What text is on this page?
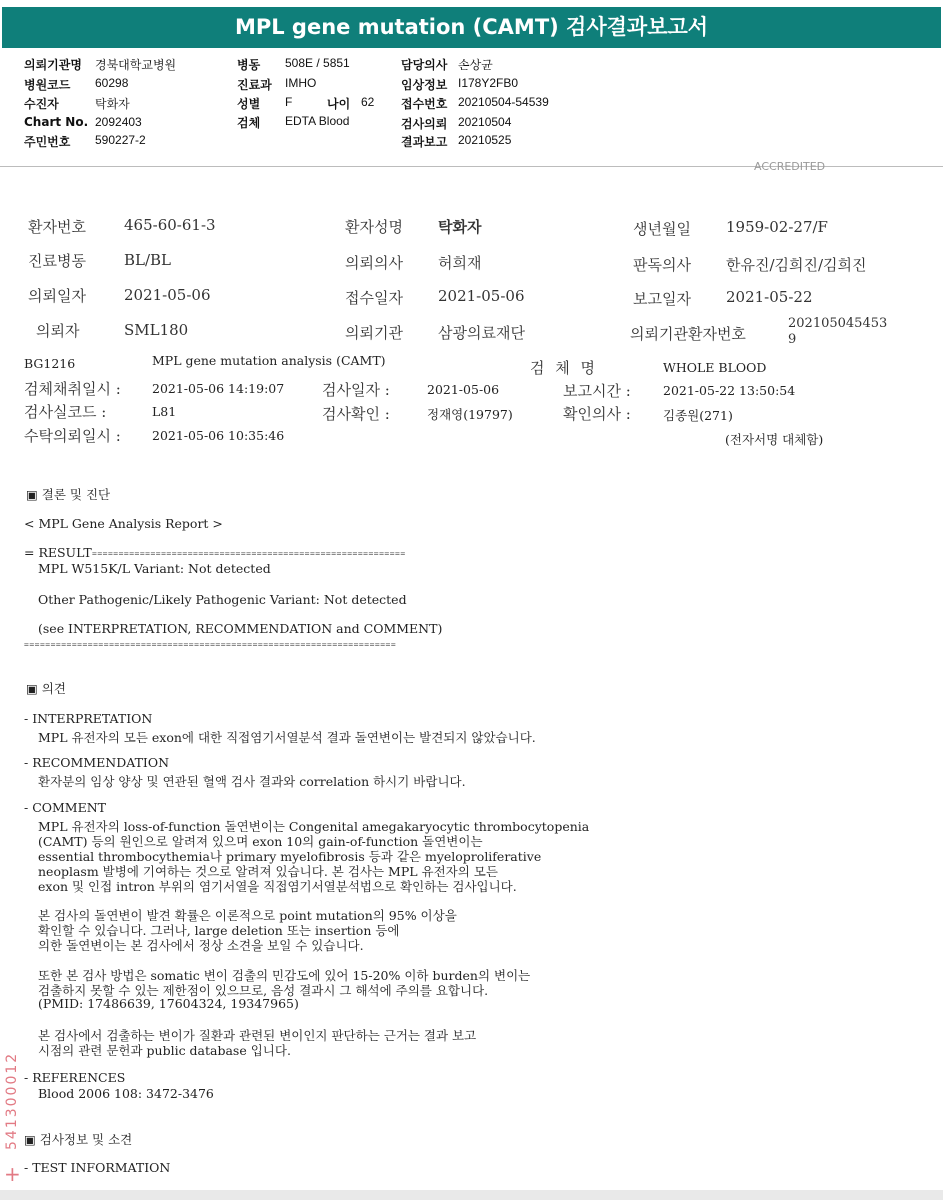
MPL gene mutation (CAMT) 검사결과보고서
의뢰기관명 경북대학교병원
병원코드 60298
수진자	탁화자
Chart No. 2092403
주민번호 590227-2
병동 508E / 5851
진료과 IMHO
성별 F	나이 62
검체 EDTA Blood
담당의사 손상균
임상정보 I178Y2FB0
접수번호 20210504-54539
검사의뢰 20210504
결과보고 20210525
ACCREDITED
환자번호	465-60-61-3	환자성명 탁화자	생년월일 1959-02-27/F
진료병동	BL/BL	의뢰의사 허희재	판독의사 한유진/김희진/김희진
의뢰일자	2021-05-06	접수일자 2021-05-06	보고일자 2021-05-22
의뢰자	SML180	의뢰기관 삼광의료재단	의뢰기관환자번호
202105045453
9
BG1216	MPL gene mutation analysis (CAMT)	검 체 명	WHOLE BLOOD
검체채취일시 : 2021-05-06 14:19:07	검사일자 :	2021-05-06	보고시간 :	2021-05-22 13:50:54
검사실코드 :	L81	검사확인 :	정재영(19797)	확인의사 :	김종원(271)
수탁의뢰일시 : 2021-05-06 10:35:46	(전자서명 대체함)
▣ 결론 및 진단
< MPL Gene Analysis Report >
= RESULT ===========================================================
MPL W515K/L Variant: Not detected
Other Pathogenic/Likely Pathogenic Variant: Not detected
(see INTERPRETATION, RECOMMENDATION and COMMENT)
======================================================================
▣ 의견
- INTERPRETATION
MPL 유전자의 모든 exon에 대한 직접염기서열분석 결과 돌연변이는 발견되지 않았습니다.
- RECOMMENDATION
환자분의 임상 양상 및 연관된 혈액 검사 결과와 correlation 하시기 바랍니다.
- COMMENT
MPL 유전자의 loss-of-function 돌연변이는 Congenital amegakaryocytic thrombocytopenia
(CAMT) 등의 원인으로 알려져 있으며 exon 10의 gain-of-function 돌연변이는
essential thrombocythemia나 primary myelofibrosis 등과 같은 myeloproliferative
neoplasm 발병에 기여하는 것으로 알려져 있습니다. 본 검사는 MPL 유전자의 모든
exon 및 인접 intron 부위의 염기서열을 직접염기서열분석법으로 확인하는 검사입니다.
본 검사의 돌연변이 발견 확률은 이론적으로 point mutation의 95% 이상을
확인할 수 있습니다. 그러나, large deletion 또는 insertion 등에
의한 돌연변이는 본 검사에서 정상 소견을 보일 수 있습니다.
또한 본 검사 방법은 somatic 변이 검출의 민감도에 있어 15-20% 이하 burden의 변이는
검출하지 못할 수 있는 제한점이 있으므로, 음성 결과시 그 해석에 주의를 요합니다.
(PMID: 17486639, 17604324, 19347965)
본 검사에서 검출하는 변이가 질환과 관련된 변이인지 판단하는 근거는 결과 보고
시점의 관련 문헌과 public database 입니다.
- REFERENCES
Blood 2006 108: 3472-3476
▣ 검사정보 및 소견
- TEST INFORMATION
541300012
+
